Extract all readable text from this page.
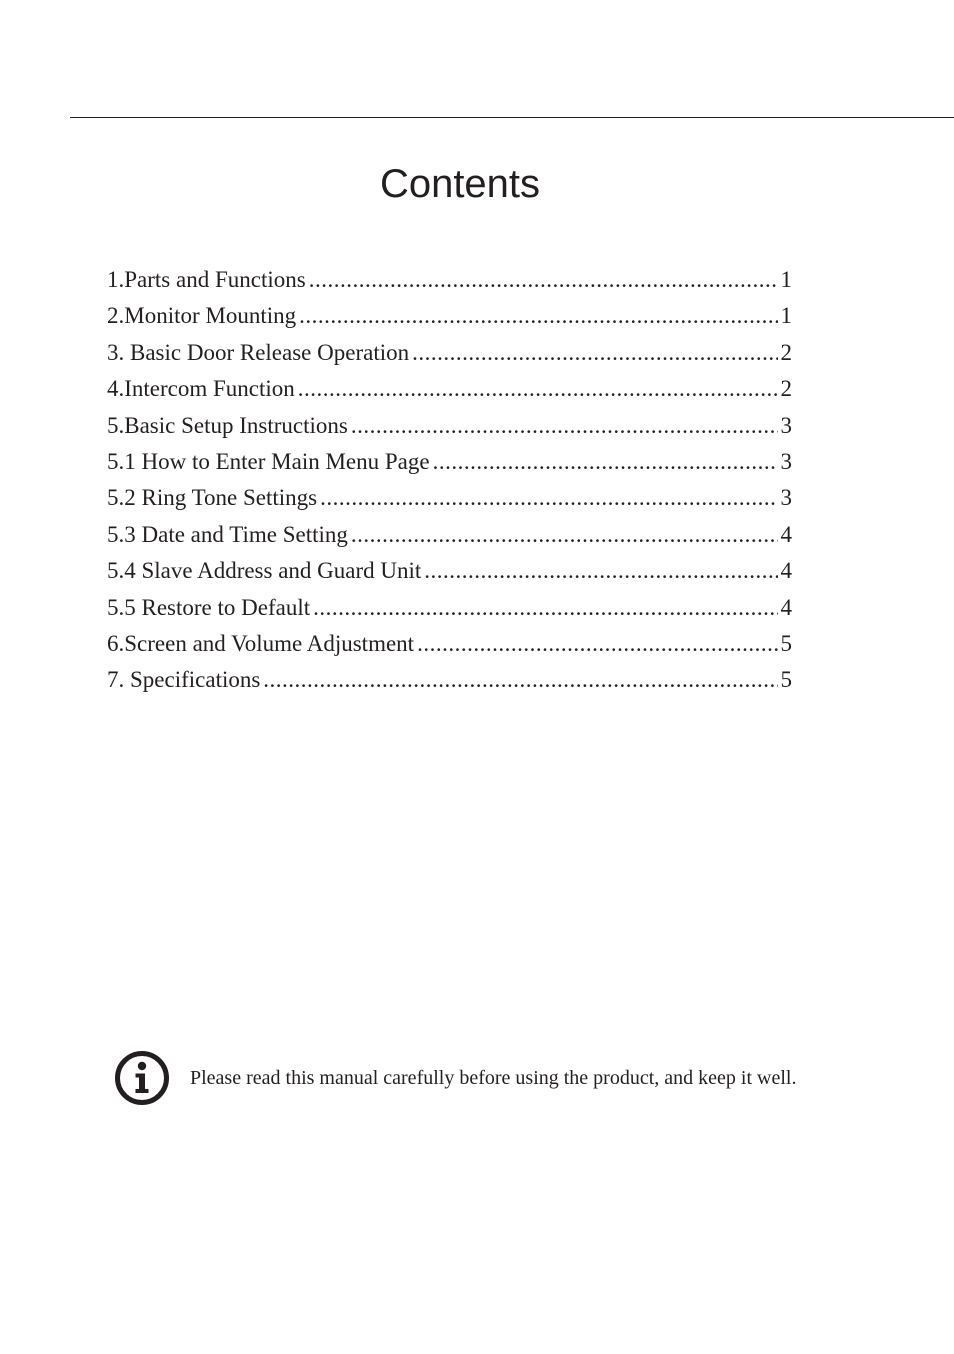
Contents
1.Parts and Functions .....	1
2.Monitor Mounting .....	1
3. Basic Door Release Operation .....	2
4.Intercom Function .....	2
5.Basic Setup Instructions .....	3
5.1 How to Enter Main Menu Page .....	3
5.2 Ring Tone Settings .....	3
5.3 Date and Time Setting .....	4
5.4 Slave Address and Guard Unit .....	4
5.5 Restore to Default .....	4
6.Screen and Volume Adjustment .....	5
7. Specifications .....	5
Please read this manual carefully before using the product, and keep it well.
